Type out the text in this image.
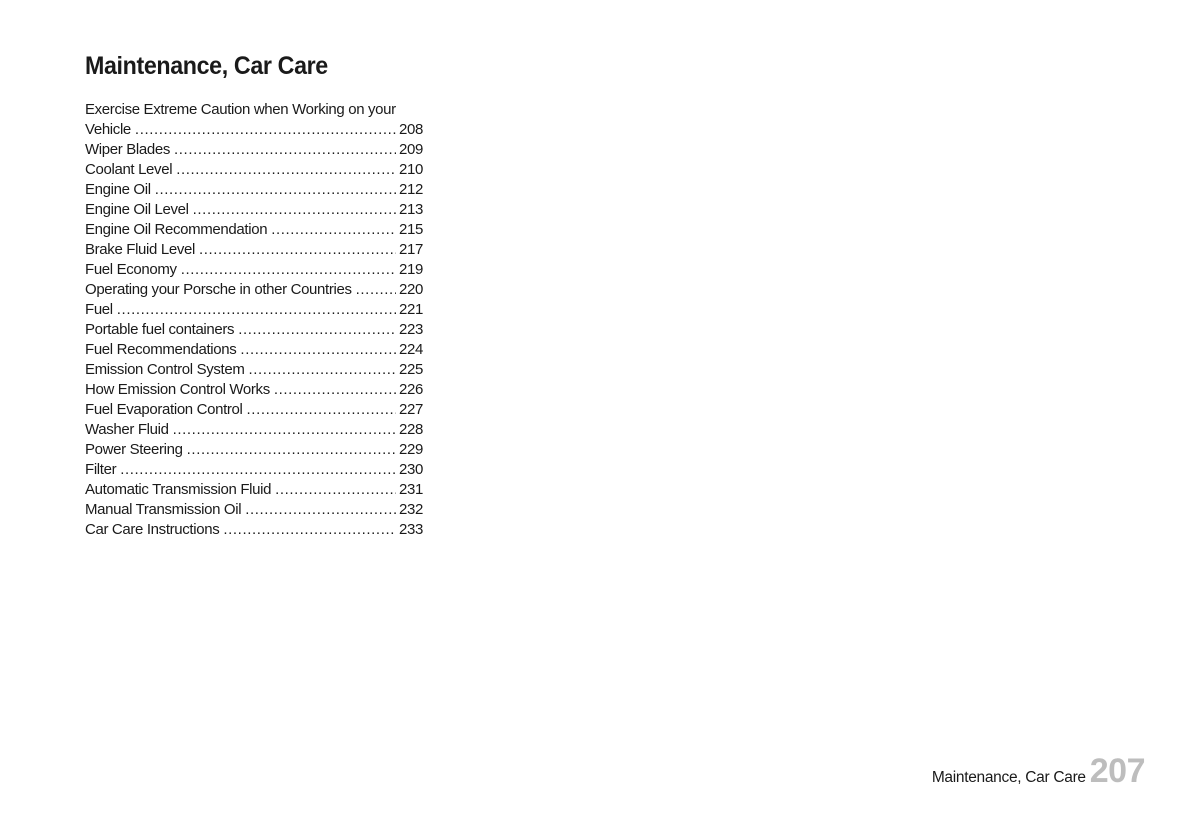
Maintenance, Car Care
Exercise Extreme Caution when Working on your
Vehicle .....	208
Wiper Blades .....	209
Coolant Level .....	210
Engine Oil .....	212
Engine Oil Level .....	213
Engine Oil Recommendation .....	215
Brake Fluid Level .....	217
Fuel Economy .....	219
Operating your Porsche in other Countries .....	220
Fuel .....	221
Portable fuel containers .....	223
Fuel Recommendations .....	224
Emission Control System .....	225
How Emission Control Works .....	226
Fuel Evaporation Control .....	227
Washer Fluid .....	228
Power Steering .....	229
Filter .....	230
Automatic Transmission Fluid .....	231
Manual Transmission Oil .....	232
Car Care Instructions .....	233
Maintenance, Car Care 207
